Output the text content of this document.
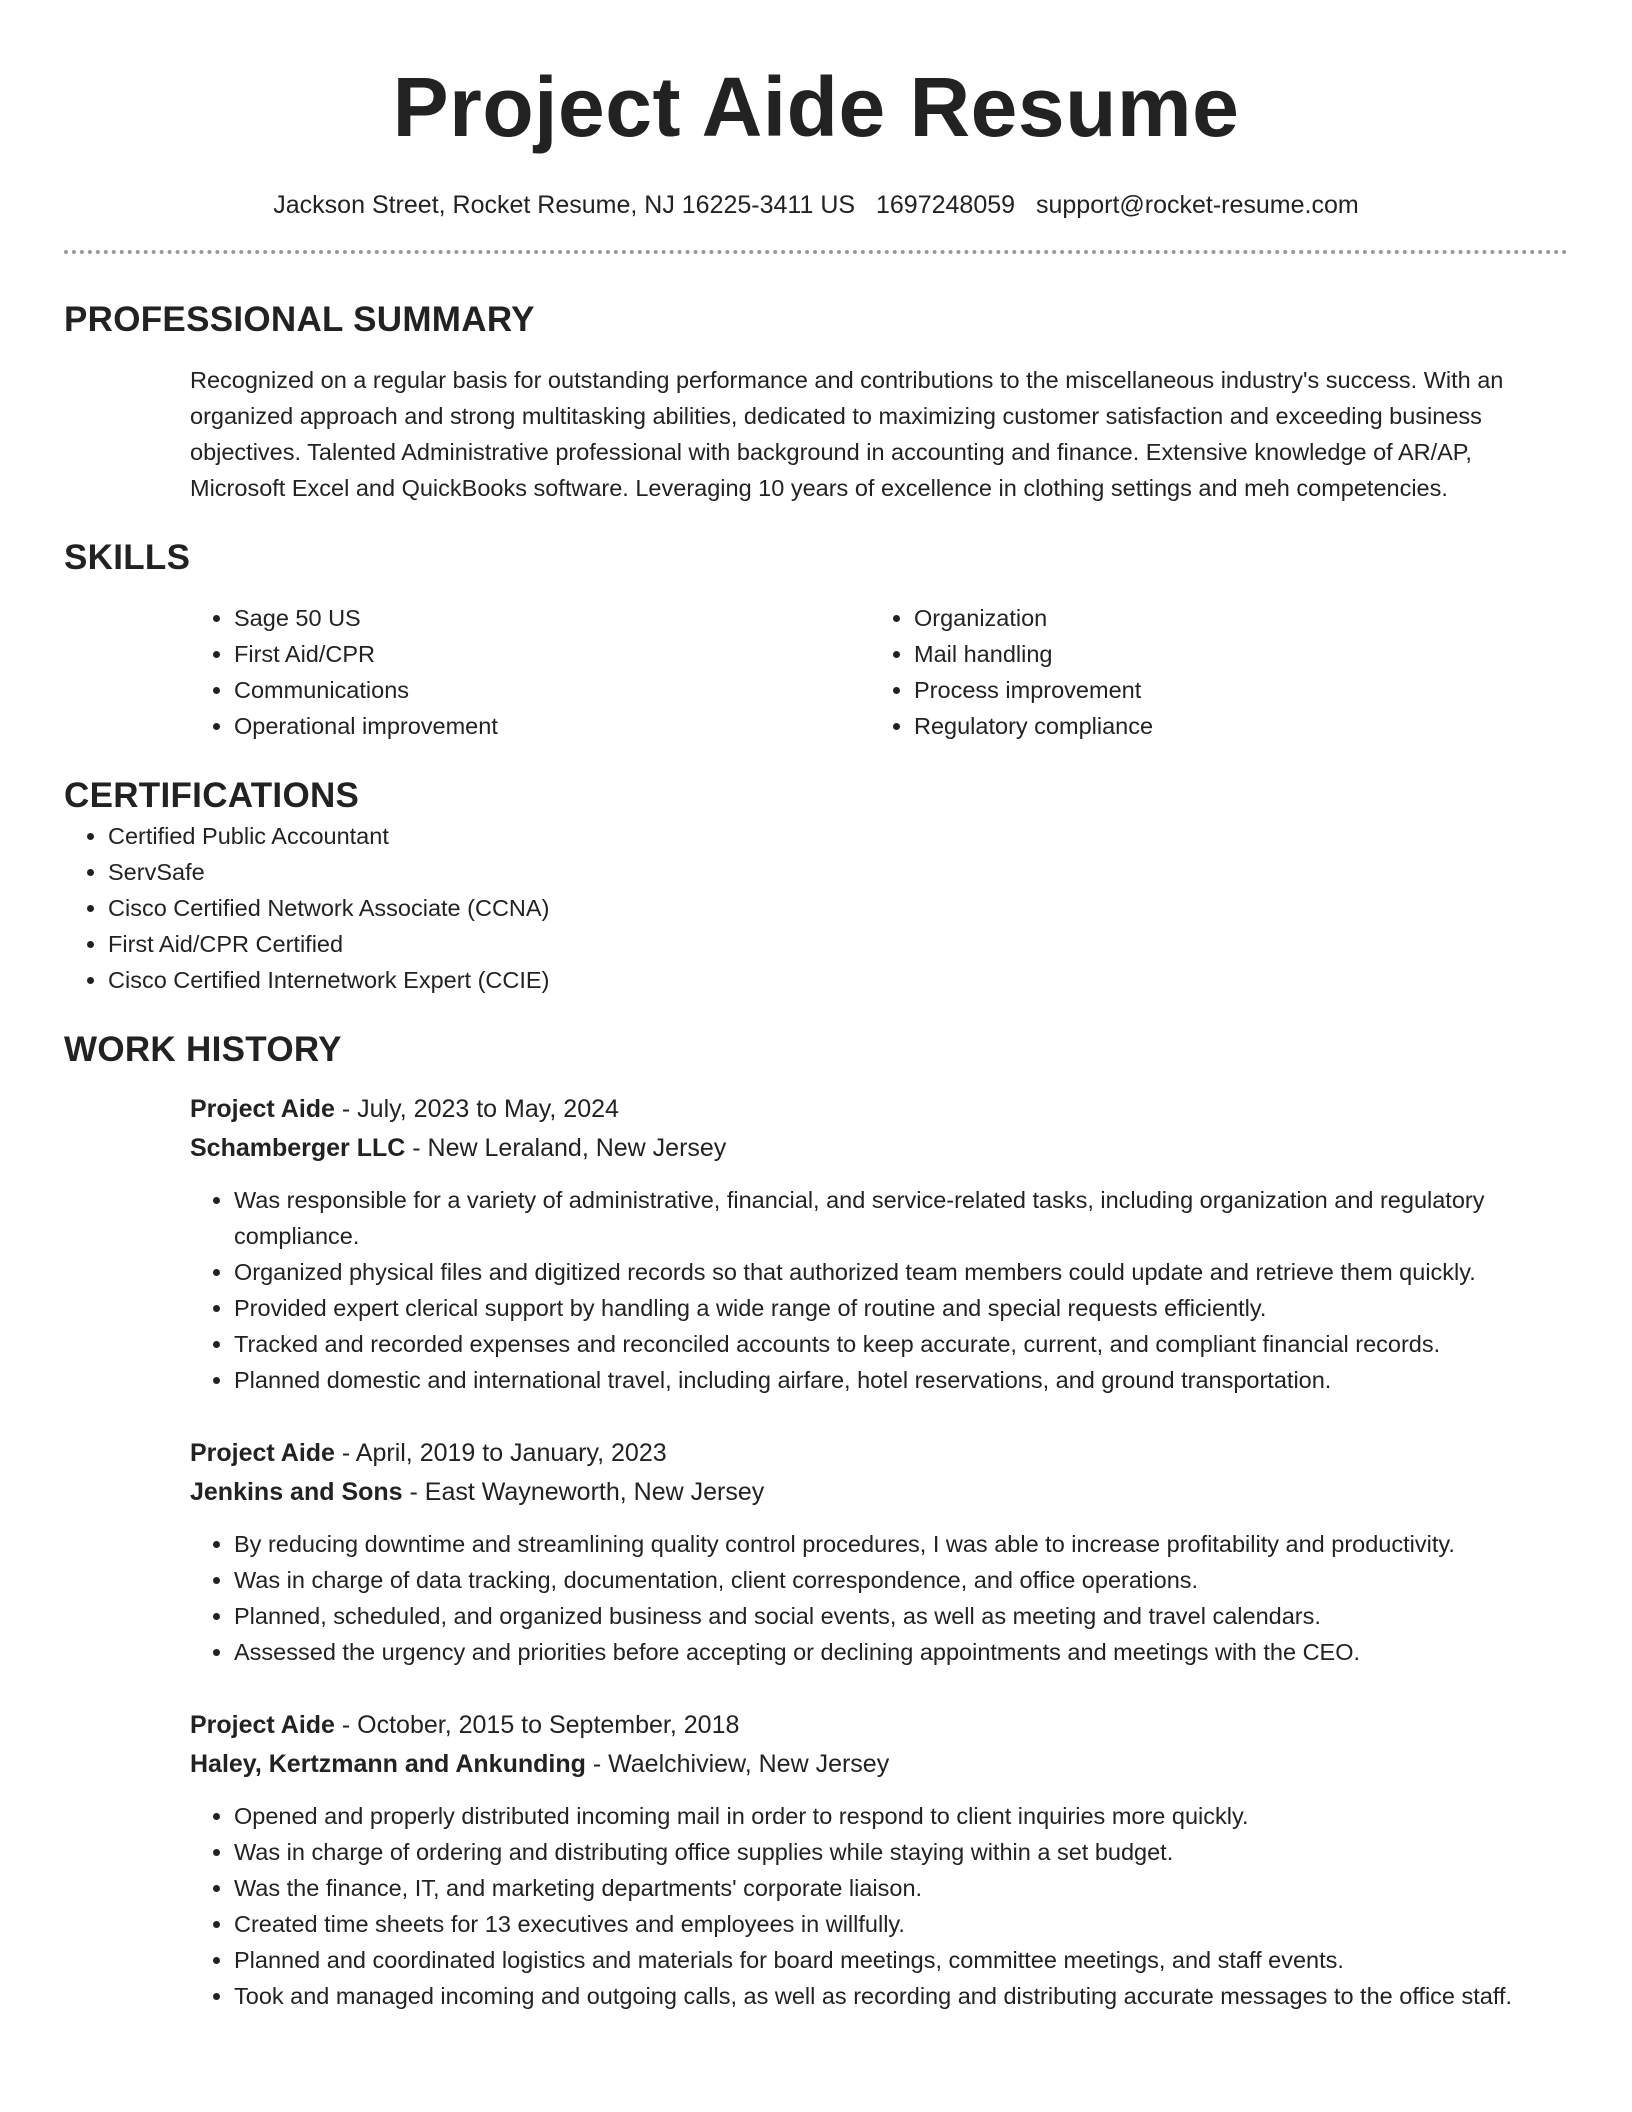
Project Aide Resume
Jackson Street, Rocket Resume, NJ 16225-3411 US 1697248059 support@rocket-resume.com
PROFESSIONAL SUMMARY

Recognized on a regular basis for outstanding performance and contributions to the miscellaneous industry's success. With an organized approach and strong multitasking abilities, dedicated to maximizing customer satisfaction and exceeding business objectives. Talented Administrative professional with background in accounting and finance. Extensive knowledge of AR/AP, Microsoft Excel and QuickBooks software. Leveraging 10 years of excellence in clothing settings and meh competencies.

SKILLS
• Sage 50 US
• First Aid/CPR
• Communications
• Operational improvement
• Organization
• Mail handling
• Process improvement
• Regulatory compliance
CERTIFICATIONS
• Certified Public Accountant
• ServSafe
• Cisco Certified Network Associate (CCNA)
• First Aid/CPR Certified
• Cisco Certified Internetwork Expert (CCIE)
WORK HISTORY
Project Aide - July, 2023 to May, 2024
Schamberger LLC - New Leraland, New Jersey
• Was responsible for a variety of administrative, financial, and service-related tasks, including organization and regulatory compliance.
• Organized physical files and digitized records so that authorized team members could update and retrieve them quickly.
• Provided expert clerical support by handling a wide range of routine and special requests efficiently.
• Tracked and recorded expenses and reconciled accounts to keep accurate, current, and compliant financial records.
• Planned domestic and international travel, including airfare, hotel reservations, and ground transportation.
Project Aide - April, 2019 to January, 2023
Jenkins and Sons - East Wayneworth, New Jersey
• By reducing downtime and streamlining quality control procedures, I was able to increase profitability and productivity.
• Was in charge of data tracking, documentation, client correspondence, and office operations.
• Planned, scheduled, and organized business and social events, as well as meeting and travel calendars.
• Assessed the urgency and priorities before accepting or declining appointments and meetings with the CEO.
Project Aide - October, 2015 to September, 2018
Haley, Kertzmann and Ankunding - Waelchiview, New Jersey
• Opened and properly distributed incoming mail in order to respond to client inquiries more quickly.
• Was in charge of ordering and distributing office supplies while staying within a set budget.
• Was the finance, IT, and marketing departments' corporate liaison.
• Created time sheets for 13 executives and employees in willfully.
• Planned and coordinated logistics and materials for board meetings, committee meetings, and staff events.
• Took and managed incoming and outgoing calls, as well as recording and distributing accurate messages to the office staff.
